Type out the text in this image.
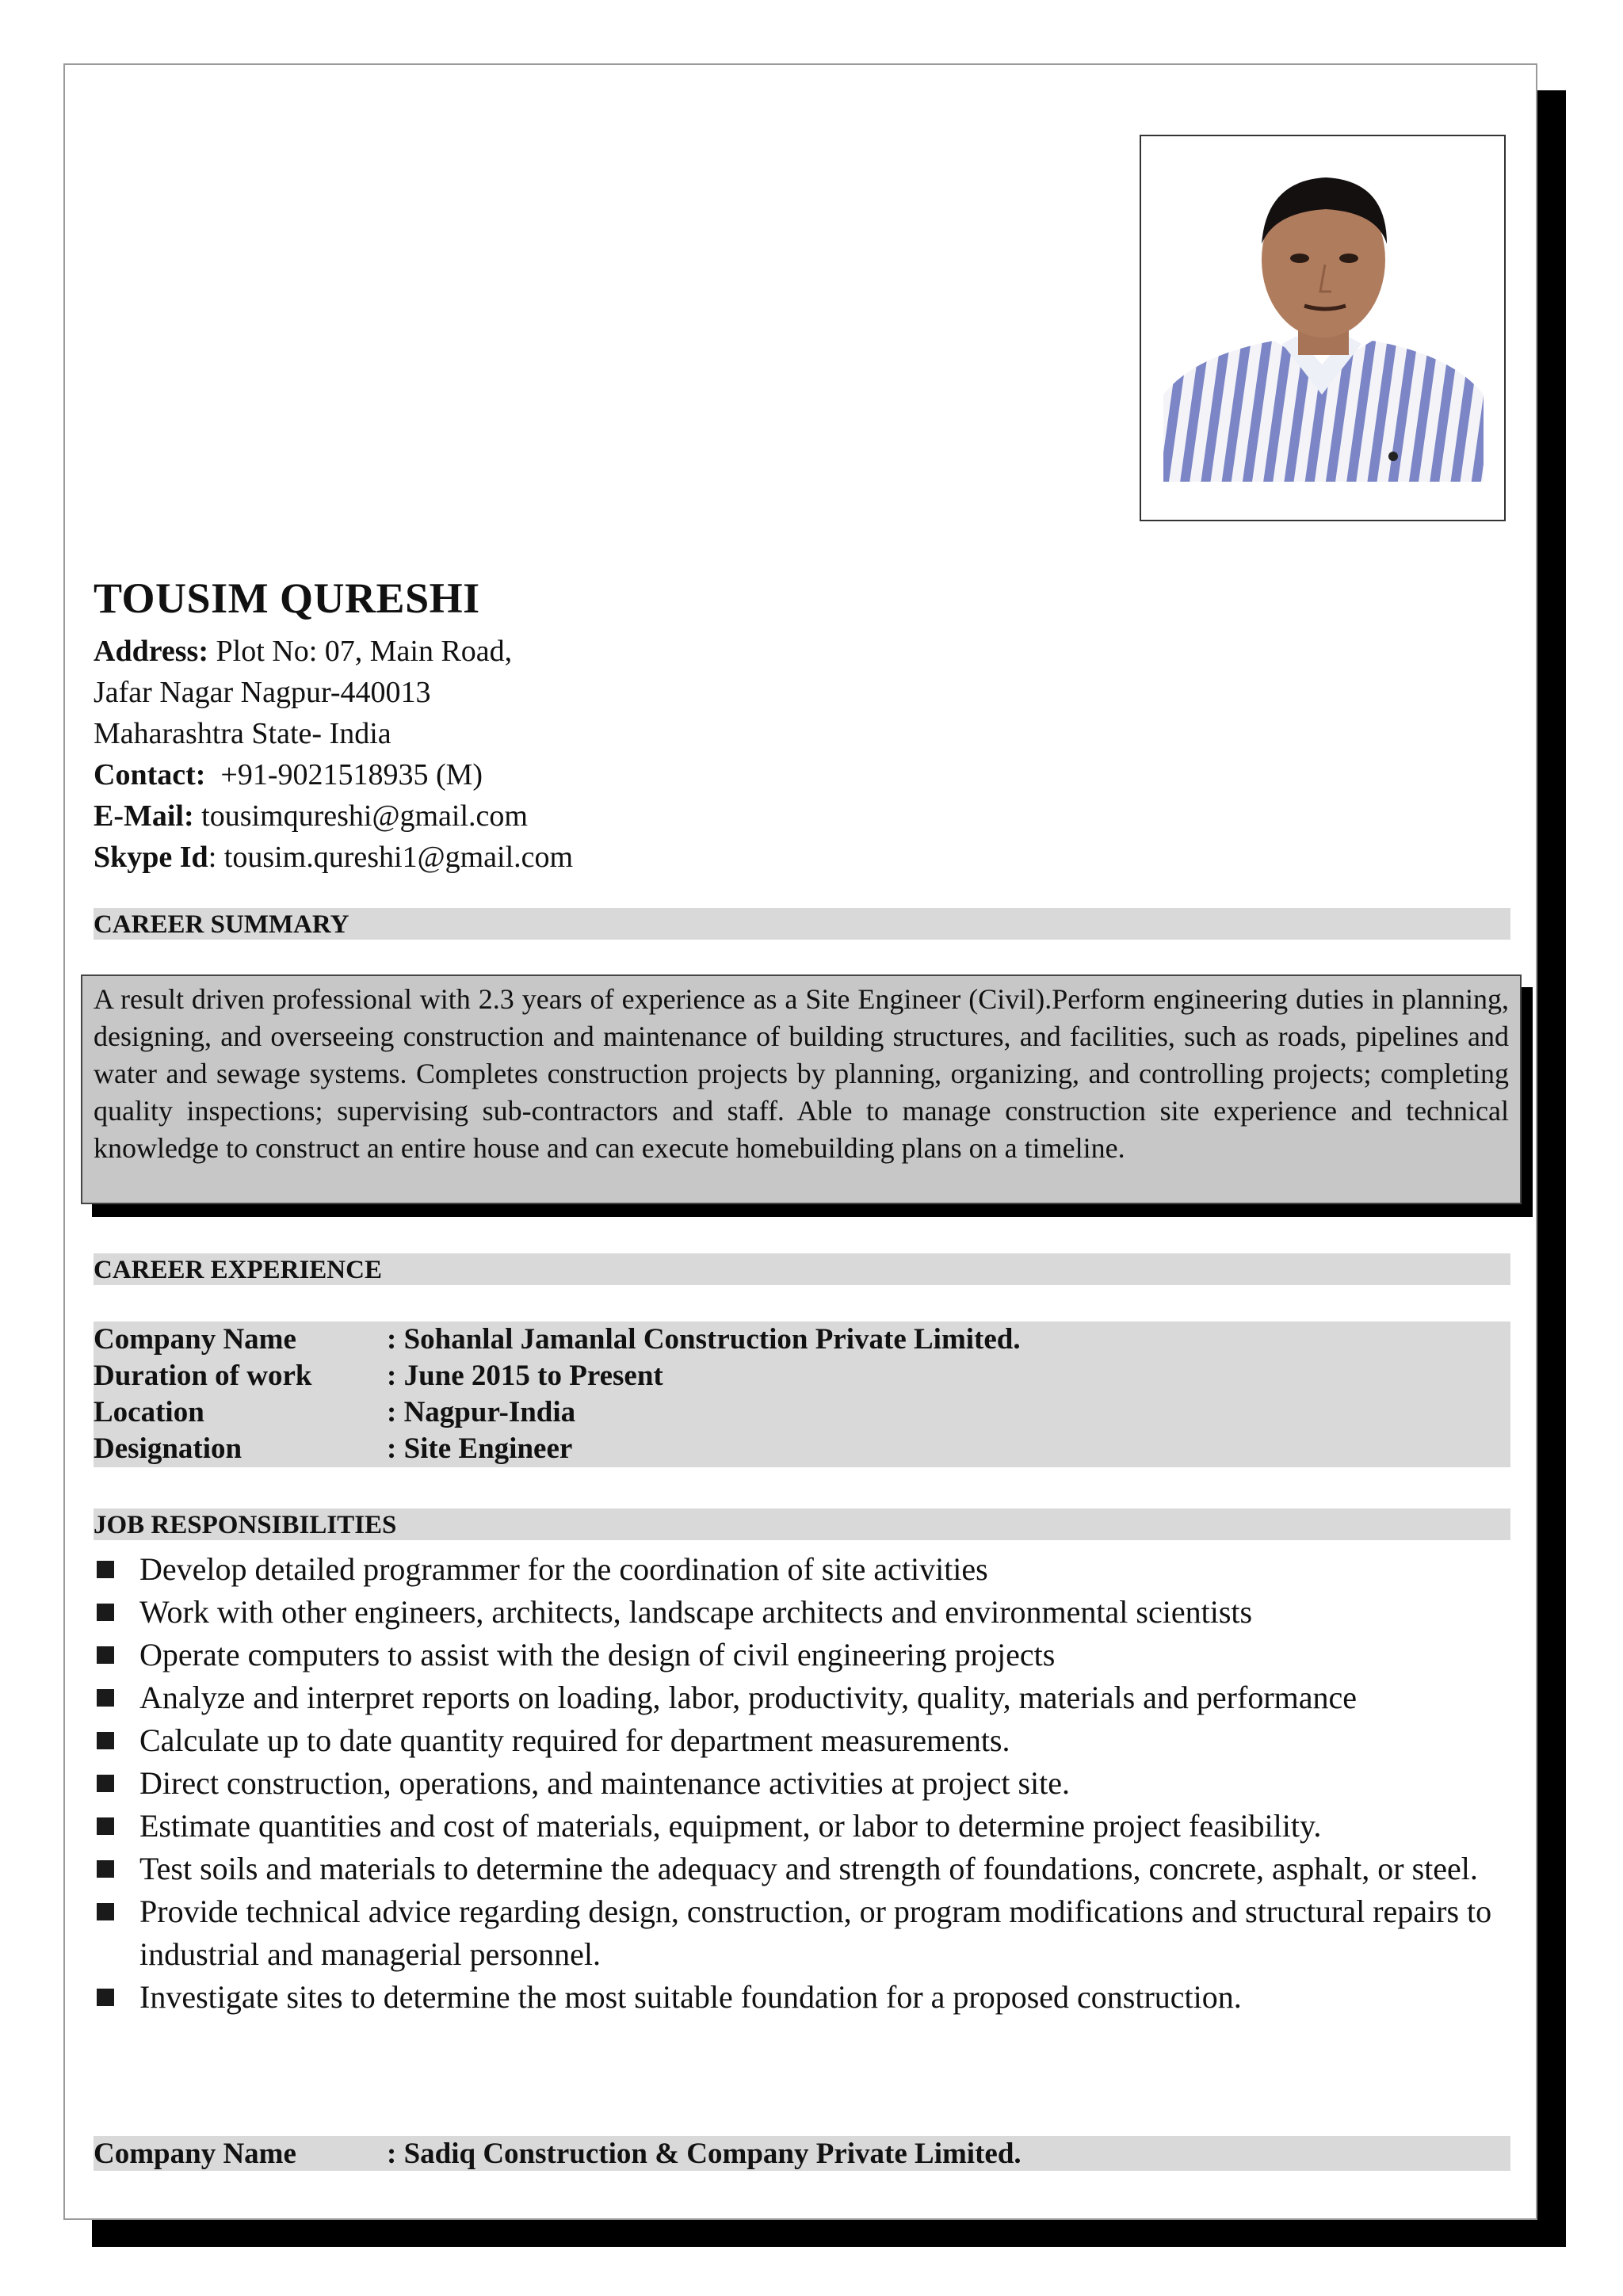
TOUSIM QURESHI
Address: Plot No: 07, Main Road,
Jafar Nagar Nagpur-440013
Maharashtra State- India
Contact:  +91-9021518935 (M)
E-Mail: tousimqureshi@gmail.com
Skype Id: tousim.qureshi1@gmail.com
CAREER SUMMARY
A result driven professional with 2.3 years of experience as a Site Engineer (Civil).Perform engineering duties in planning, designing, and overseeing construction and maintenance of building structures, and facilities, such as roads, pipelines and water and sewage systems. Completes construction projects by planning, organizing, and controlling projects; completing quality inspections; supervising sub-contractors and staff. Able to manage construction site experience and technical knowledge to construct an entire house and can execute homebuilding plans on a timeline.
CAREER EXPERIENCE
Company Name	: Sohanlal Jamanlal Construction Private Limited.
Duration of work	: June 2015 to Present
Location	: Nagpur-India
Designation	: Site Engineer
JOB RESPONSIBILITIES
Develop detailed programmer for the coordination of site activities
Work with other engineers, architects, landscape architects and environmental scientists
Operate computers to assist with the design of civil engineering projects
Analyze and interpret reports on loading, labor, productivity, quality, materials and performance
Calculate up to date quantity required for department measurements.
Direct construction, operations, and maintenance activities at project site.
Estimate quantities and cost of materials, equipment, or labor to determine project feasibility.
Test soils and materials to determine the adequacy and strength of foundations, concrete, asphalt, or steel.
Provide technical advice regarding design, construction, or program modifications and structural repairs to industrial and managerial personnel.
Investigate sites to determine the most suitable foundation for a proposed construction.
Company Name	: Sadiq Construction & Company Private Limited.
